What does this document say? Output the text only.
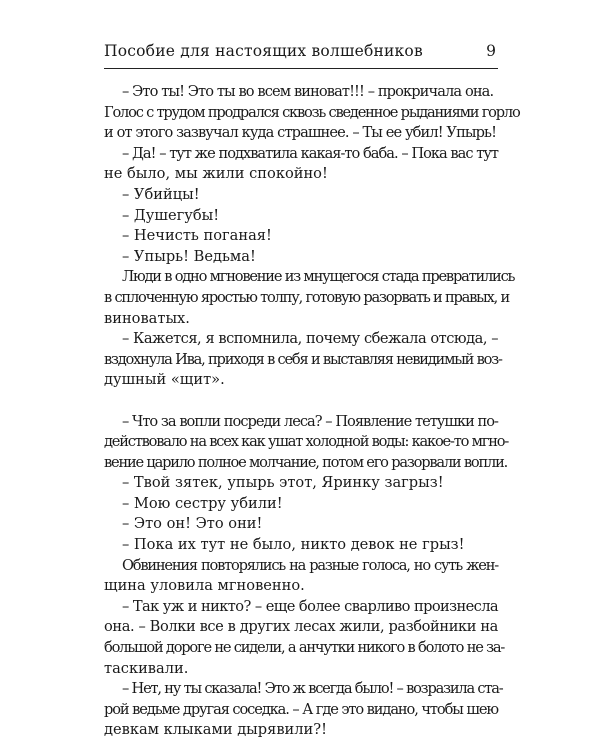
Пособие для настоящих волшебников	9

– Это ты! Это ты во всем виноват!!! – прокричала она.

Голос с трудом продрался сквозь сведенное рыданиями горло

и от этого зазвучал куда страшнее. – Ты ее убил! Упырь!

– Да! – тут же подхватила какая-то баба. – Пока вас тут

не было, мы жили спокойно!

– Убийцы!

– Душегубы!

– Нечисть поганая!

– Упырь! Ведьма!

Люди в одно мгновение из мнущегося стада превратились

в сплоченную яростью толпу, готовую разорвать и правых, и

виноватых.

– Кажется, я вспомнила, почему сбежала отсюда, –

вздохнула Ива, приходя в себя и выставляя невидимый воз-

душный «щит».

– Что за вопли посреди леса? – Появление тетушки по-

действовало на всех как ушат холодной воды: какое-то мгно-

вение царило полное молчание, потом его разорвали вопли.

– Твой зятек, упырь этот, Яринку загрыз!

– Мою сестру убили!

– Это он! Это они!

– Пока их тут не было, никто девок не грыз!

Обвинения повторялись на разные голоса, но суть жен-

щина уловила мгновенно.

– Так уж и никто? – еще более сварливо произнесла

она. – Волки все в других лесах жили, разбойники на

большой дороге не сидели, а анчутки никого в болото не за-

таскивали.

– Нет, ну ты сказала! Это ж всегда было! – возразила ста-

рой ведьме другая соседка. – А где это видано, чтобы шею

девкам клыками дырявили?!
